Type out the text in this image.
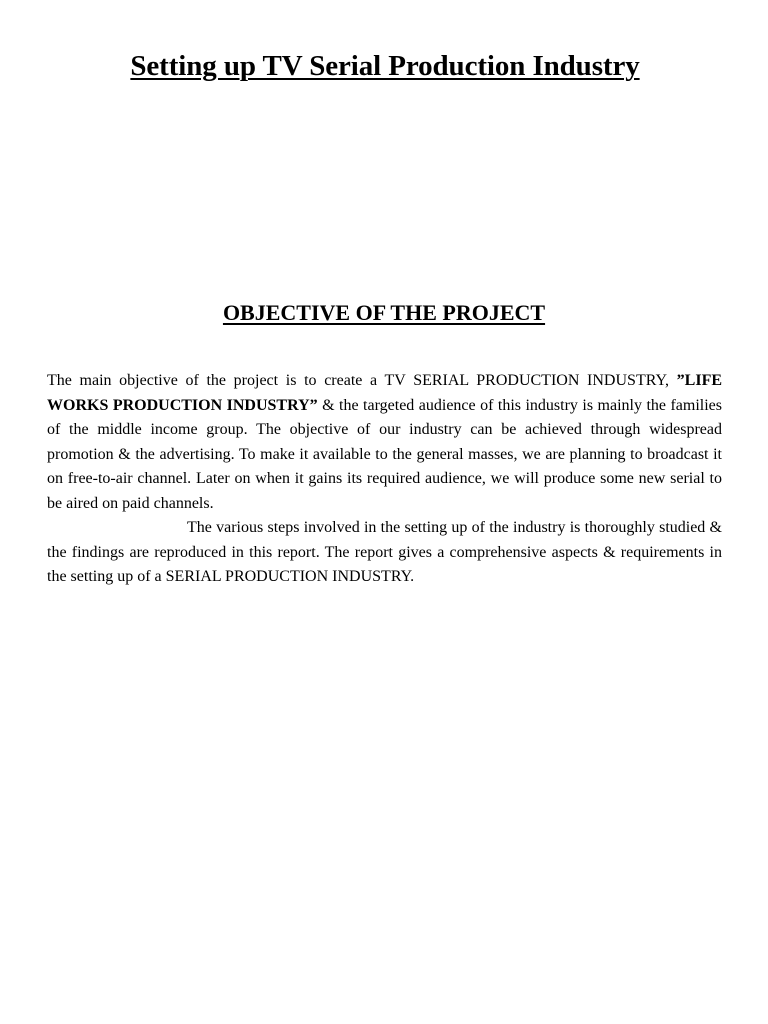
Setting up TV Serial Production Industry
OBJECTIVE OF THE PROJECT

The main objective of the project is to create a TV SERIAL PRODUCTION INDUSTRY, ”LIFE WORKS PRODUCTION INDUSTRY” & the targeted audience of this industry is mainly the families of the middle income group. The objective of our industry can be achieved through widespread promotion & the advertising. To make it available to the general masses, we are planning to broadcast it on free-to-air channel. Later on when it gains its required audience, we will produce some new serial to be aired on paid channels.

The various steps involved in the setting up of the industry is thoroughly studied & the findings are reproduced in this report. The report gives a comprehensive aspects & requirements in the setting up of a SERIAL PRODUCTION INDUSTRY.
